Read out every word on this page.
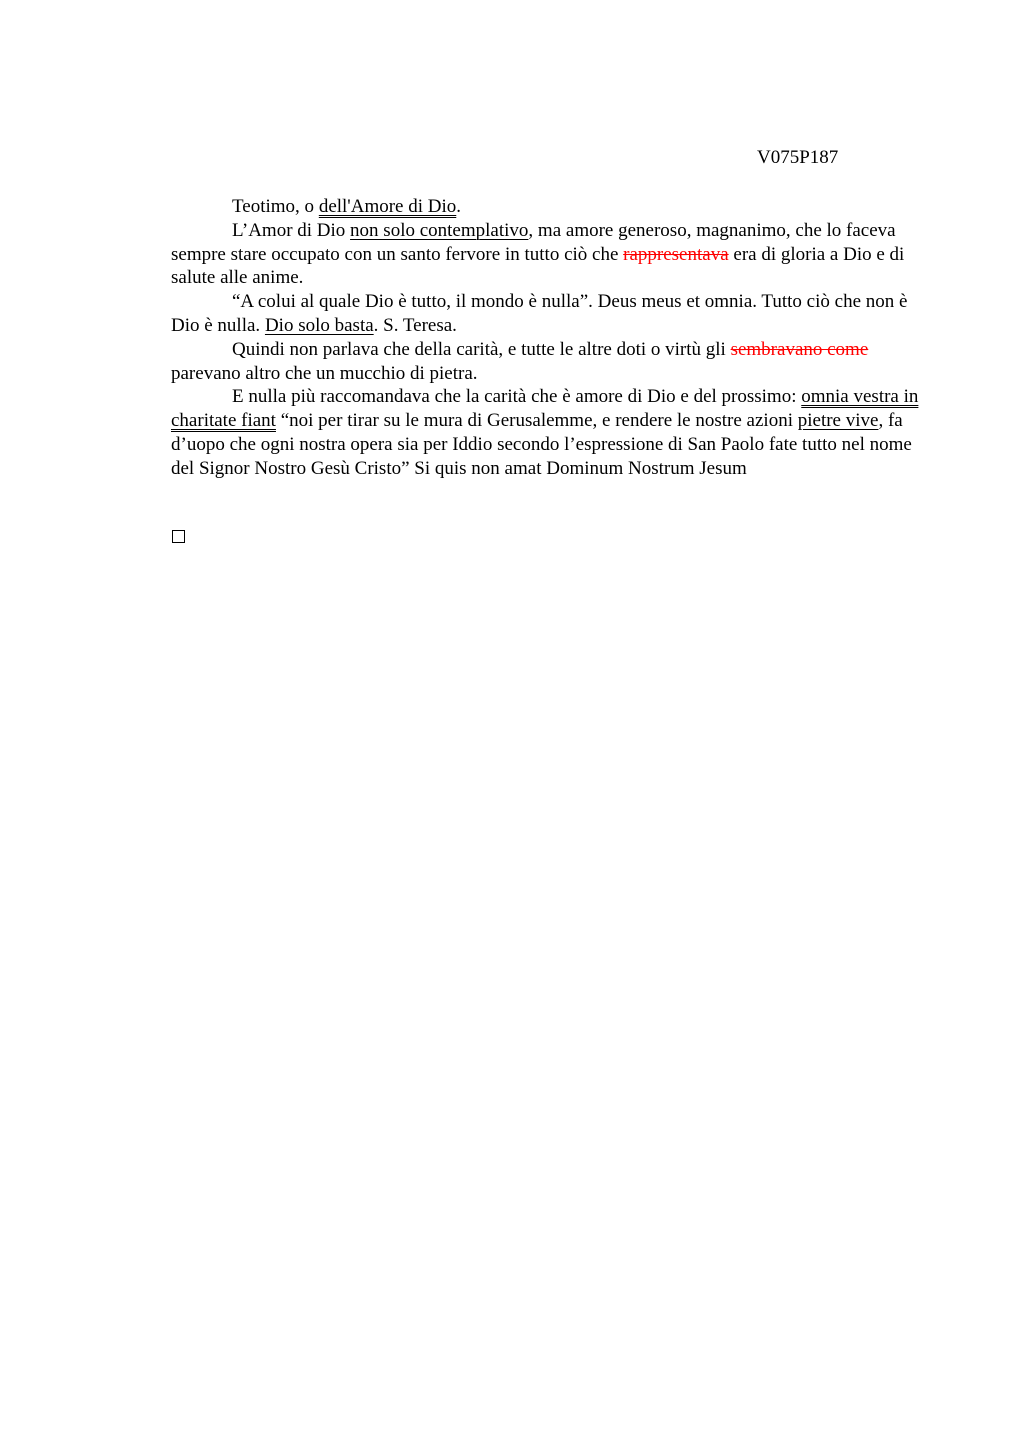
V075P187

Teotimo, o dell'Amore di Dio.

L’Amor di Dio non solo contemplativo, ma amore generoso, magnanimo, che lo faceva sempre stare occupato con un santo fervore in tutto ciò che rappresentava era di gloria a Dio e di salute alle anime.

“A colui al quale Dio è tutto, il mondo è nulla”. Deus meus et omnia. Tutto ciò che non è Dio è nulla. Dio solo basta. S. Teresa.

Quindi non parlava che della carità, e tutte le altre doti o virtù gli sembravano come parevano altro che un mucchio di pietra.

E nulla più raccomandava che la carità che è amore di Dio e del prossimo: omnia vestra in charitate fiant “noi per tirar su le mura di Gerusalemme, e rendere le nostre azioni pietre vive, fa d’uopo che ogni nostra opera sia per Iddio secondo l’espressione di San Paolo fate tutto nel nome del Signor Nostro Gesù Cristo” Si quis non amat Dominum Nostrum Jesum
